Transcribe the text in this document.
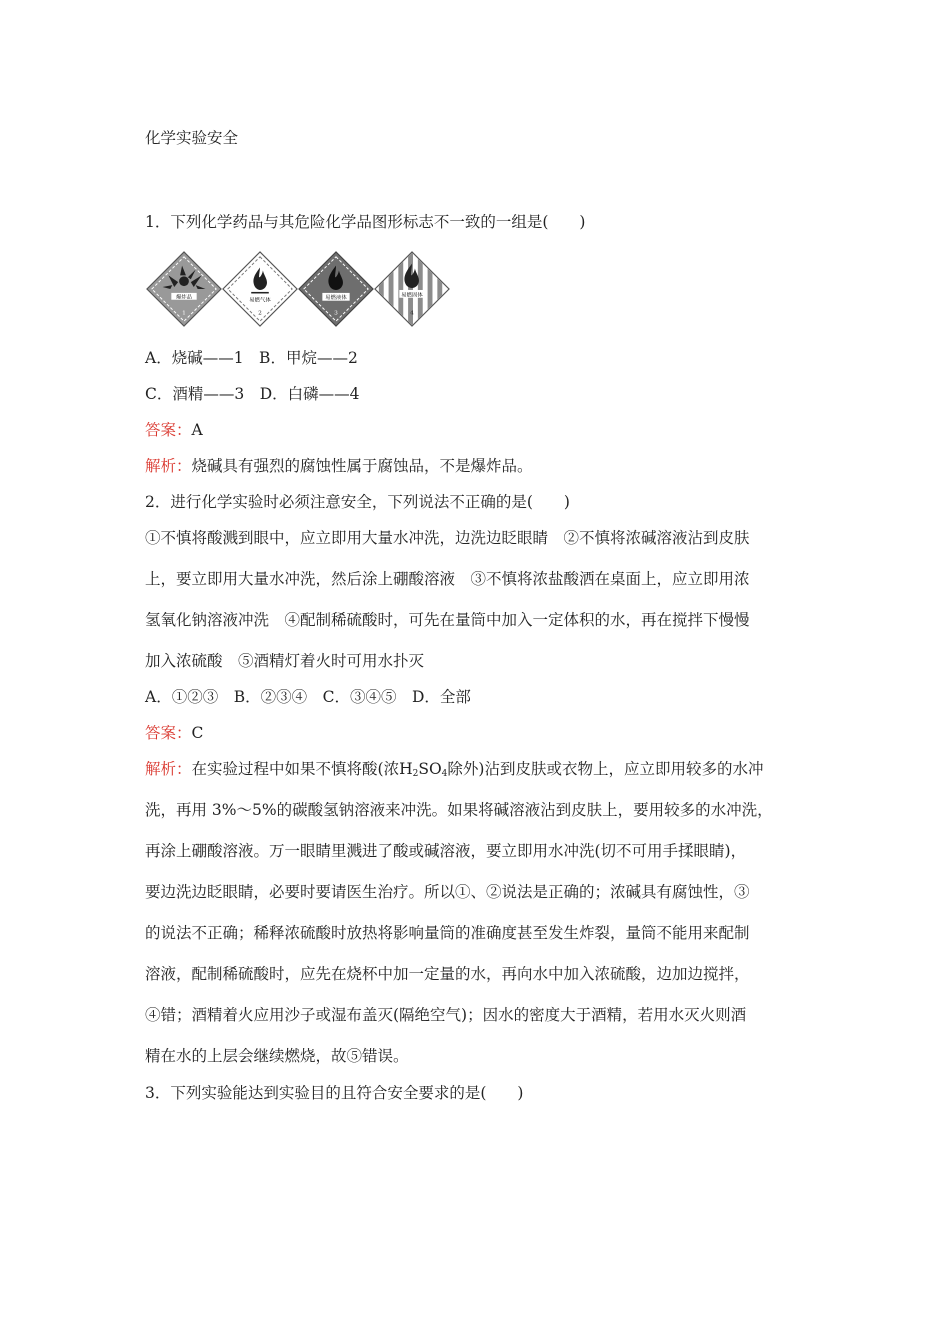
化学实验安全
1．下列化学药品与其危险化学品图形标志不一致的一组是(　　)
爆炸品
1
易燃气体
2
易燃液体
3
易燃固体
4
A．烧碱——1　B．甲烷——2
C．酒精——3　D．白磷——4
答案：A
解析：烧碱具有强烈的腐蚀性属于腐蚀品，不是爆炸品。
2．进行化学实验时必须注意安全，下列说法不正确的是(　　)
①不慎将酸溅到眼中，应立即用大量水冲洗，边洗边眨眼睛　②不慎将浓碱溶液沾到皮肤
上，要立即用大量水冲洗，然后涂上硼酸溶液　③不慎将浓盐酸洒在桌面上，应立即用浓
氢氧化钠溶液冲洗　④配制稀硫酸时，可先在量筒中加入一定体积的水，再在搅拌下慢慢
加入浓硫酸　⑤酒精灯着火时可用水扑灭
A．①②③　B．②③④　C．③④⑤　D．全部
答案：C
解析：在实验过程中如果不慎将酸(浓$H_2SO_4$除外)沾到皮肤或衣物上，应立即用较多的水冲
洗，再用 3%～5%的碳酸氢钠溶液来冲洗。如果将碱溶液沾到皮肤上，要用较多的水冲洗，
再涂上硼酸溶液。万一眼睛里溅进了酸或碱溶液，要立即用水冲洗(切不可用手揉眼睛)，
要边洗边眨眼睛，必要时要请医生治疗。所以①、②说法是正确的；浓碱具有腐蚀性，③
的说法不正确；稀释浓硫酸时放热将影响量筒的准确度甚至发生炸裂，量筒不能用来配制
溶液，配制稀硫酸时，应先在烧杯中加一定量的水，再向水中加入浓硫酸，边加边搅拌，
④错；酒精着火应用沙子或湿布盖灭(隔绝空气)；因水的密度大于酒精，若用水灭火则酒
精在水的上层会继续燃烧，故⑤错误。
3．下列实验能达到实验目的且符合安全要求的是(　　)
